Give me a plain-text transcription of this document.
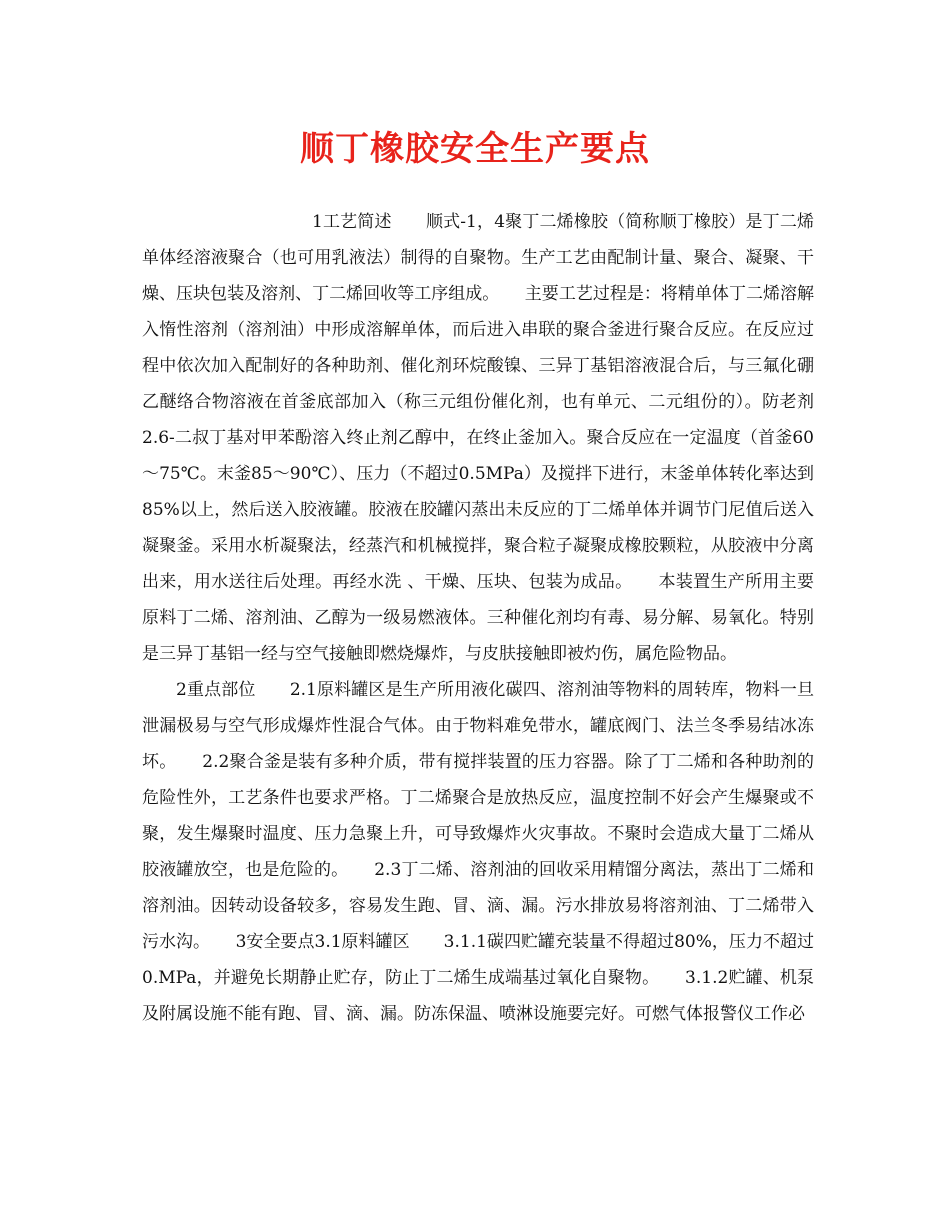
顺丁橡胶安全生产要点

1工艺简述　　顺式-1，4聚丁二烯橡胶（简称顺丁橡胶）是丁二烯单体经溶液聚合（也可用乳液法）制得的自聚物。生产工艺由配制计量、聚合、凝聚、干燥、压块包装及溶剂、丁二烯回收等工序组成。　　主要工艺过程是：将精单体丁二烯溶解入惰性溶剂（溶剂油）中形成溶解单体，而后进入串联的聚合釜进行聚合反应。在反应过程中依次加入配制好的各种助剂、催化剂环烷酸镍、三异丁基铝溶液混合后，与三氟化硼乙醚络合物溶液在首釜底部加入（称三元组份催化剂，也有单元、二元组份的）。防老剂2.6-二叔丁基对甲苯酚溶入终止剂乙醇中，在终止釜加入。聚合反应在一定温度（首釜60～75℃。末釜85～90℃）、压力（不超过0.5MPa）及搅拌下进行，末釜单体转化率达到85%以上，然后送入胶液罐。胶液在胶罐闪蒸出未反应的丁二烯单体并调节门尼值后送入凝聚釜。采用水析凝聚法，经蒸汽和机械搅拌，聚合粒子凝聚成橡胶颗粒，从胶液中分离出来，用水送往后处理。再经水洗 、干燥、压块、包装为成品。　　本装置生产所用主要原料丁二烯、溶剂油、乙醇为一级易燃液体。三种催化剂均有毒、易分解、易氧化。特别是三异丁基铝一经与空气接触即燃烧爆炸，与皮肤接触即被灼伤，属危险物品。

2重点部位　　2.1原料罐区是生产所用液化碳四、溶剂油等物料的周转库，物料一旦泄漏极易与空气形成爆炸性混合气体。由于物料难免带水，罐底阀门、法兰冬季易结冰冻坏。　　2.2聚合釜是装有多种介质，带有搅拌装置的压力容器。除了丁二烯和各种助剂的危险性外，工艺条件也要求严格。丁二烯聚合是放热反应，温度控制不好会产生爆聚或不聚，发生爆聚时温度、压力急聚上升，可导致爆炸火灾事故。不聚时会造成大量丁二烯从胶液罐放空，也是危险的。　　2.3丁二烯、溶剂油的回收采用精馏分离法，蒸出丁二烯和溶剂油。因转动设备较多，容易发生跑、冒、滴、漏。污水排放易将溶剂油、丁二烯带入污水沟。　　3安全要点3.1原料罐区　　3.1.1碳四贮罐充装量不得超过80%，压力不超过0.MPa，并避免长期静止贮存，防止丁二烯生成端基过氧化自聚物。　　3.1.2贮罐、机泵及附属设施不能有跑、冒、滴、漏。防冻保温、喷淋设施要完好。可燃气体报警仪工作必
